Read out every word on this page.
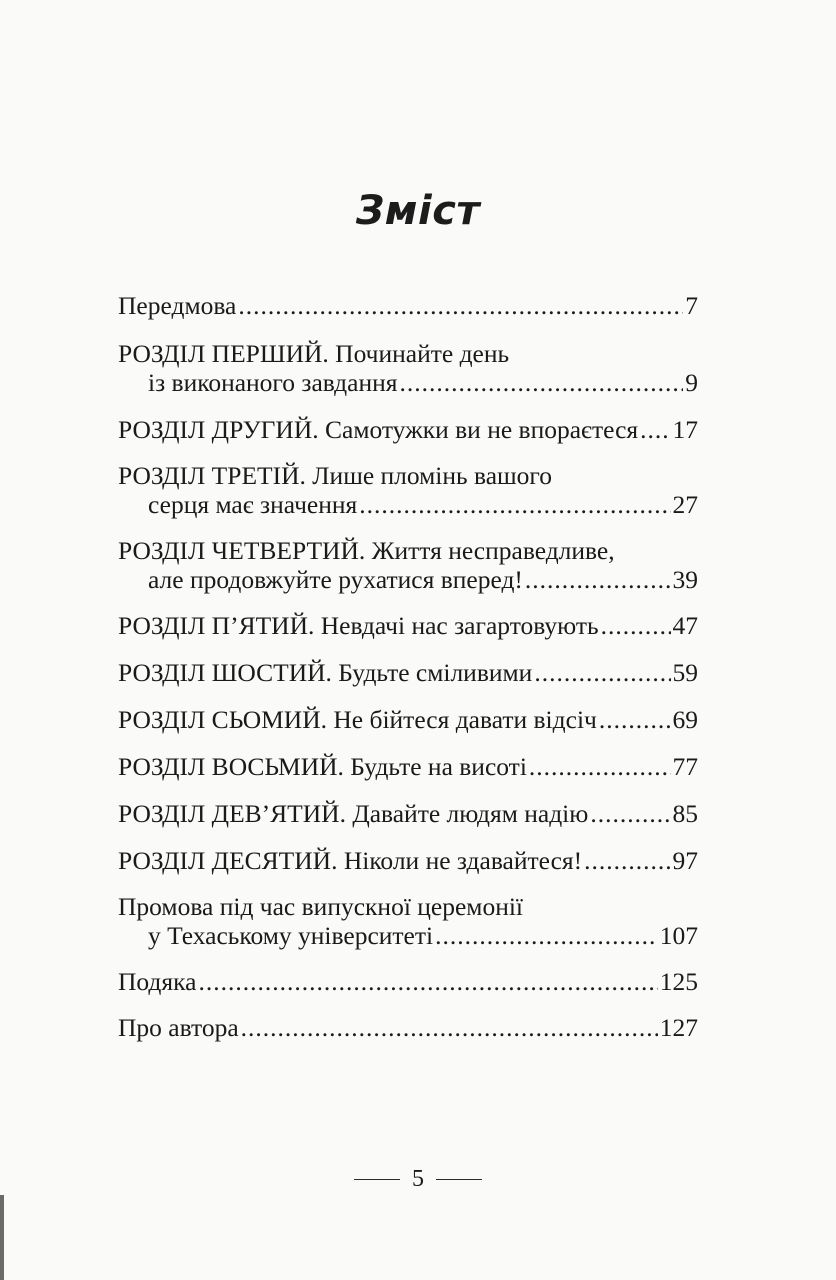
Зміст
Передмова .....	7
РОЗДІЛ ПЕРШИЙ. Починайте день
із виконаного завдання .....	9
РОЗДІЛ ДРУГИЙ. Самотужки ви не впораєтеся ..... 17
РОЗДІЛ ТРЕТІЙ. Лише пломінь вашого
серця має значення .....	27
РОЗДІЛ ЧЕТВЕРТИЙ. Життя несправедливе,
але продовжуйте рухатися вперед! .....	39
РОЗДІЛ П’ЯТИЙ. Невдачі нас загартовують .....	47
РОЗДІЛ ШОСТИЙ. Будьте сміливими .....	59
РОЗДІЛ СЬОМИЙ. Не бійтеся давати відсіч .....	69
РОЗДІЛ ВОСЬМИЙ. Будьте на висоті .....	77
РОЗДІЛ ДЕВ’ЯТИЙ. Давайте людям надію .....	85
РОЗДІЛ ДЕСЯТИЙ. Ніколи не здавайтеся! .....	97
Промова під час випускної церемонії
у Техаському університеті .....	107
Подяка .....	125
Про автора .....	127
5
